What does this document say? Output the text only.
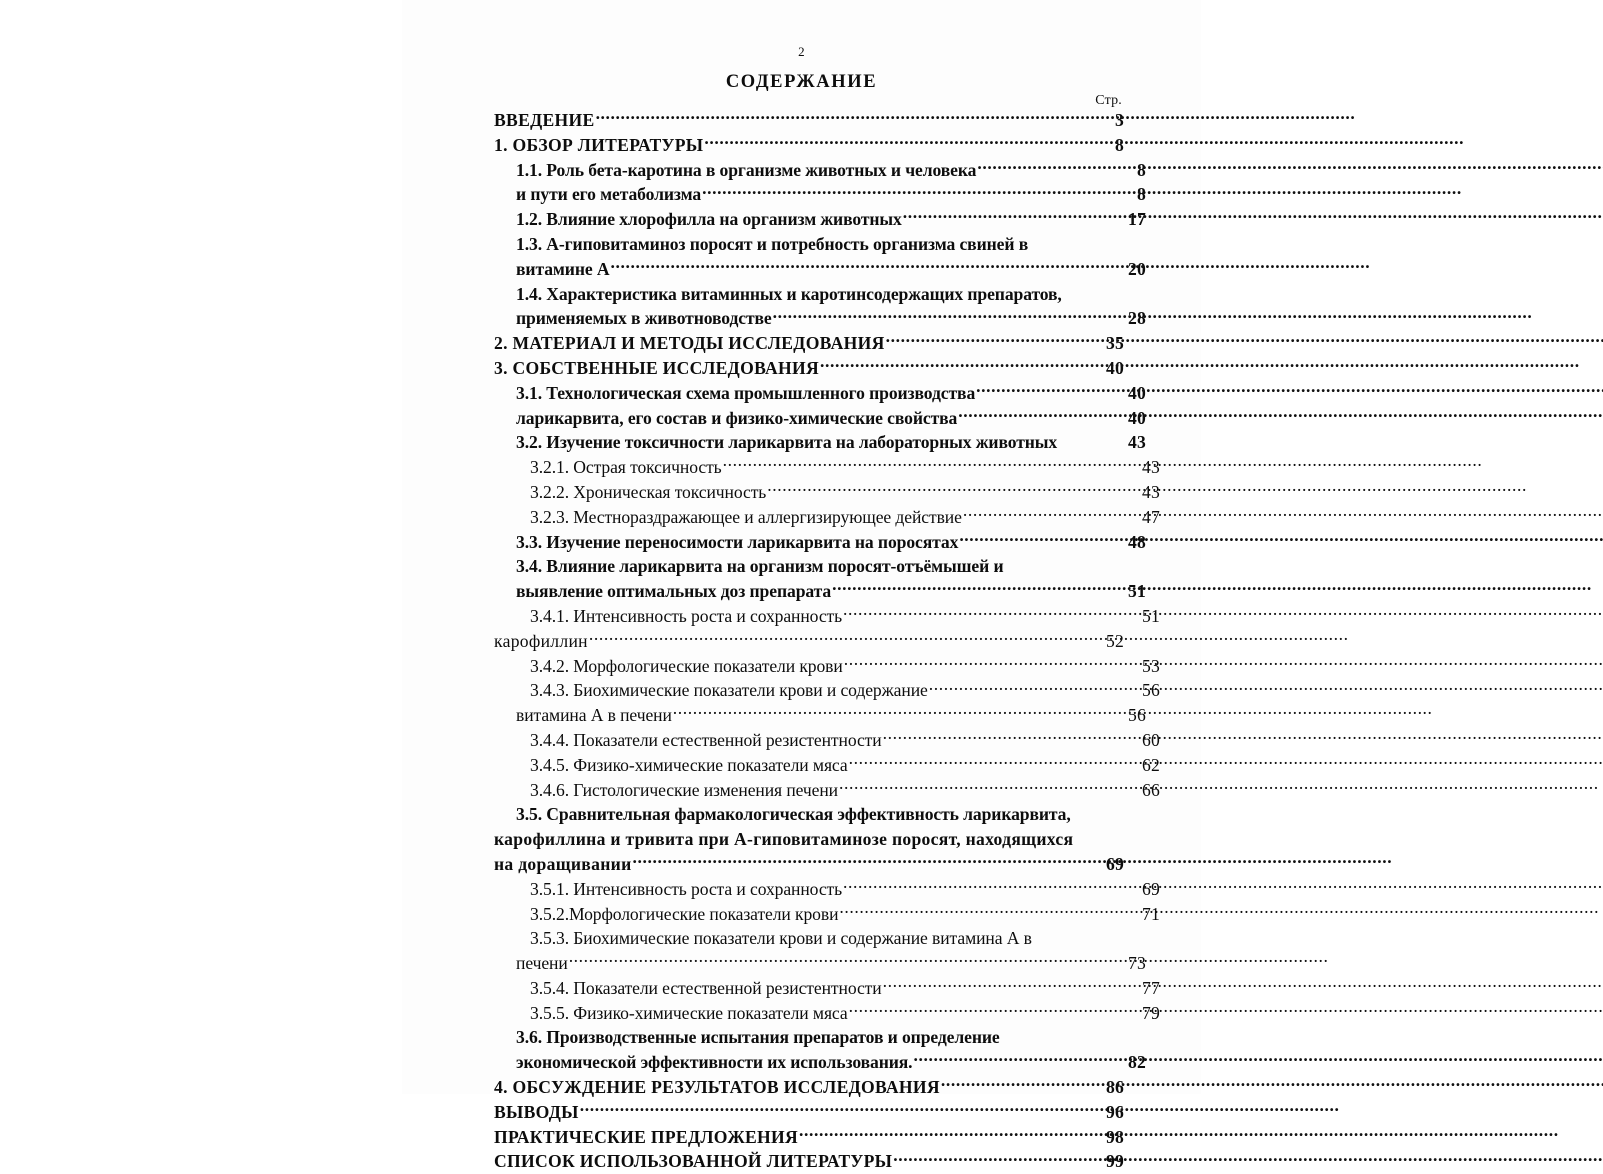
2
СОДЕРЖАНИЕ
Стр.
ВВЕДЕНИЕ .....	3
1. ОБЗОР ЛИТЕРАТУРЫ .....	8
1.1. Роль бета-каротина в организме животных и человека .....	8
и пути его метаболизма .....	8
1.2. Влияние хлорофилла на организм животных .....	17
1.3. А-гиповитаминоз поросят и потребность организма свиней в
витамине А .....	20
1.4. Характеристика витаминных и каротинсодержащих препаратов,
применяемых в животноводстве .....	28
2. МАТЕРИАЛ И МЕТОДЫ ИССЛЕДОВАНИЯ .....	35
3. СОБСТВЕННЫЕ ИССЛЕДОВАНИЯ .....	40
3.1. Технологическая схема промышленного производства .....	40
ларикарвита, его состав и физико-химические свойства .....	40
3.2. Изучение токсичности ларикарвита на лабораторных животных	43
3.2.1. Острая токсичность .....	43
3.2.2. Хроническая токсичность .....	43
3.2.3. Местнораздражающее и аллергизирующее действие .....	47
3.3. Изучение переносимости ларикарвита на поросятах .....	48
3.4. Влияние ларикарвита на организм поросят-отъёмышей и
выявление оптимальных доз препарата .....	51
3.4.1. Интенсивность роста и сохранность .....	51
карофиллин .....	52
3.4.2. Морфологические показатели крови .....	53
3.4.3. Биохимические показатели крови и содержание .....	56
витамина А в печени .....	56
3.4.4. Показатели естественной резистентности .....	60
3.4.5. Физико-химические показатели мяса .....	62
3.4.6. Гистологические изменения печени .....	66
3.5. Сравнительная фармакологическая эффективность ларикарвита,
карофиллина и тривита при А-гиповитаминозе поросят, находящихся
на доращивании .....	69
3.5.1. Интенсивность роста и сохранность .....	69
3.5.2.Морфологические показатели крови .....	71
3.5.3. Биохимические показатели крови и содержание витамина А в
печени .....	73
3.5.4. Показатели естественной резистентности .....	77
3.5.5. Физико-химические показатели мяса .....	79
3.6. Производственные испытания препаратов и определение
экономической эффективности их использования. .....	82
4. ОБСУЖДЕНИЕ РЕЗУЛЬТАТОВ ИССЛЕДОВАНИЯ .....	86
ВЫВОДЫ .....	96
ПРАКТИЧЕСКИЕ ПРЕДЛОЖЕНИЯ .....	98
СПИСОК ИСПОЛЬЗОВАННОЙ ЛИТЕРАТУРЫ .....	99
